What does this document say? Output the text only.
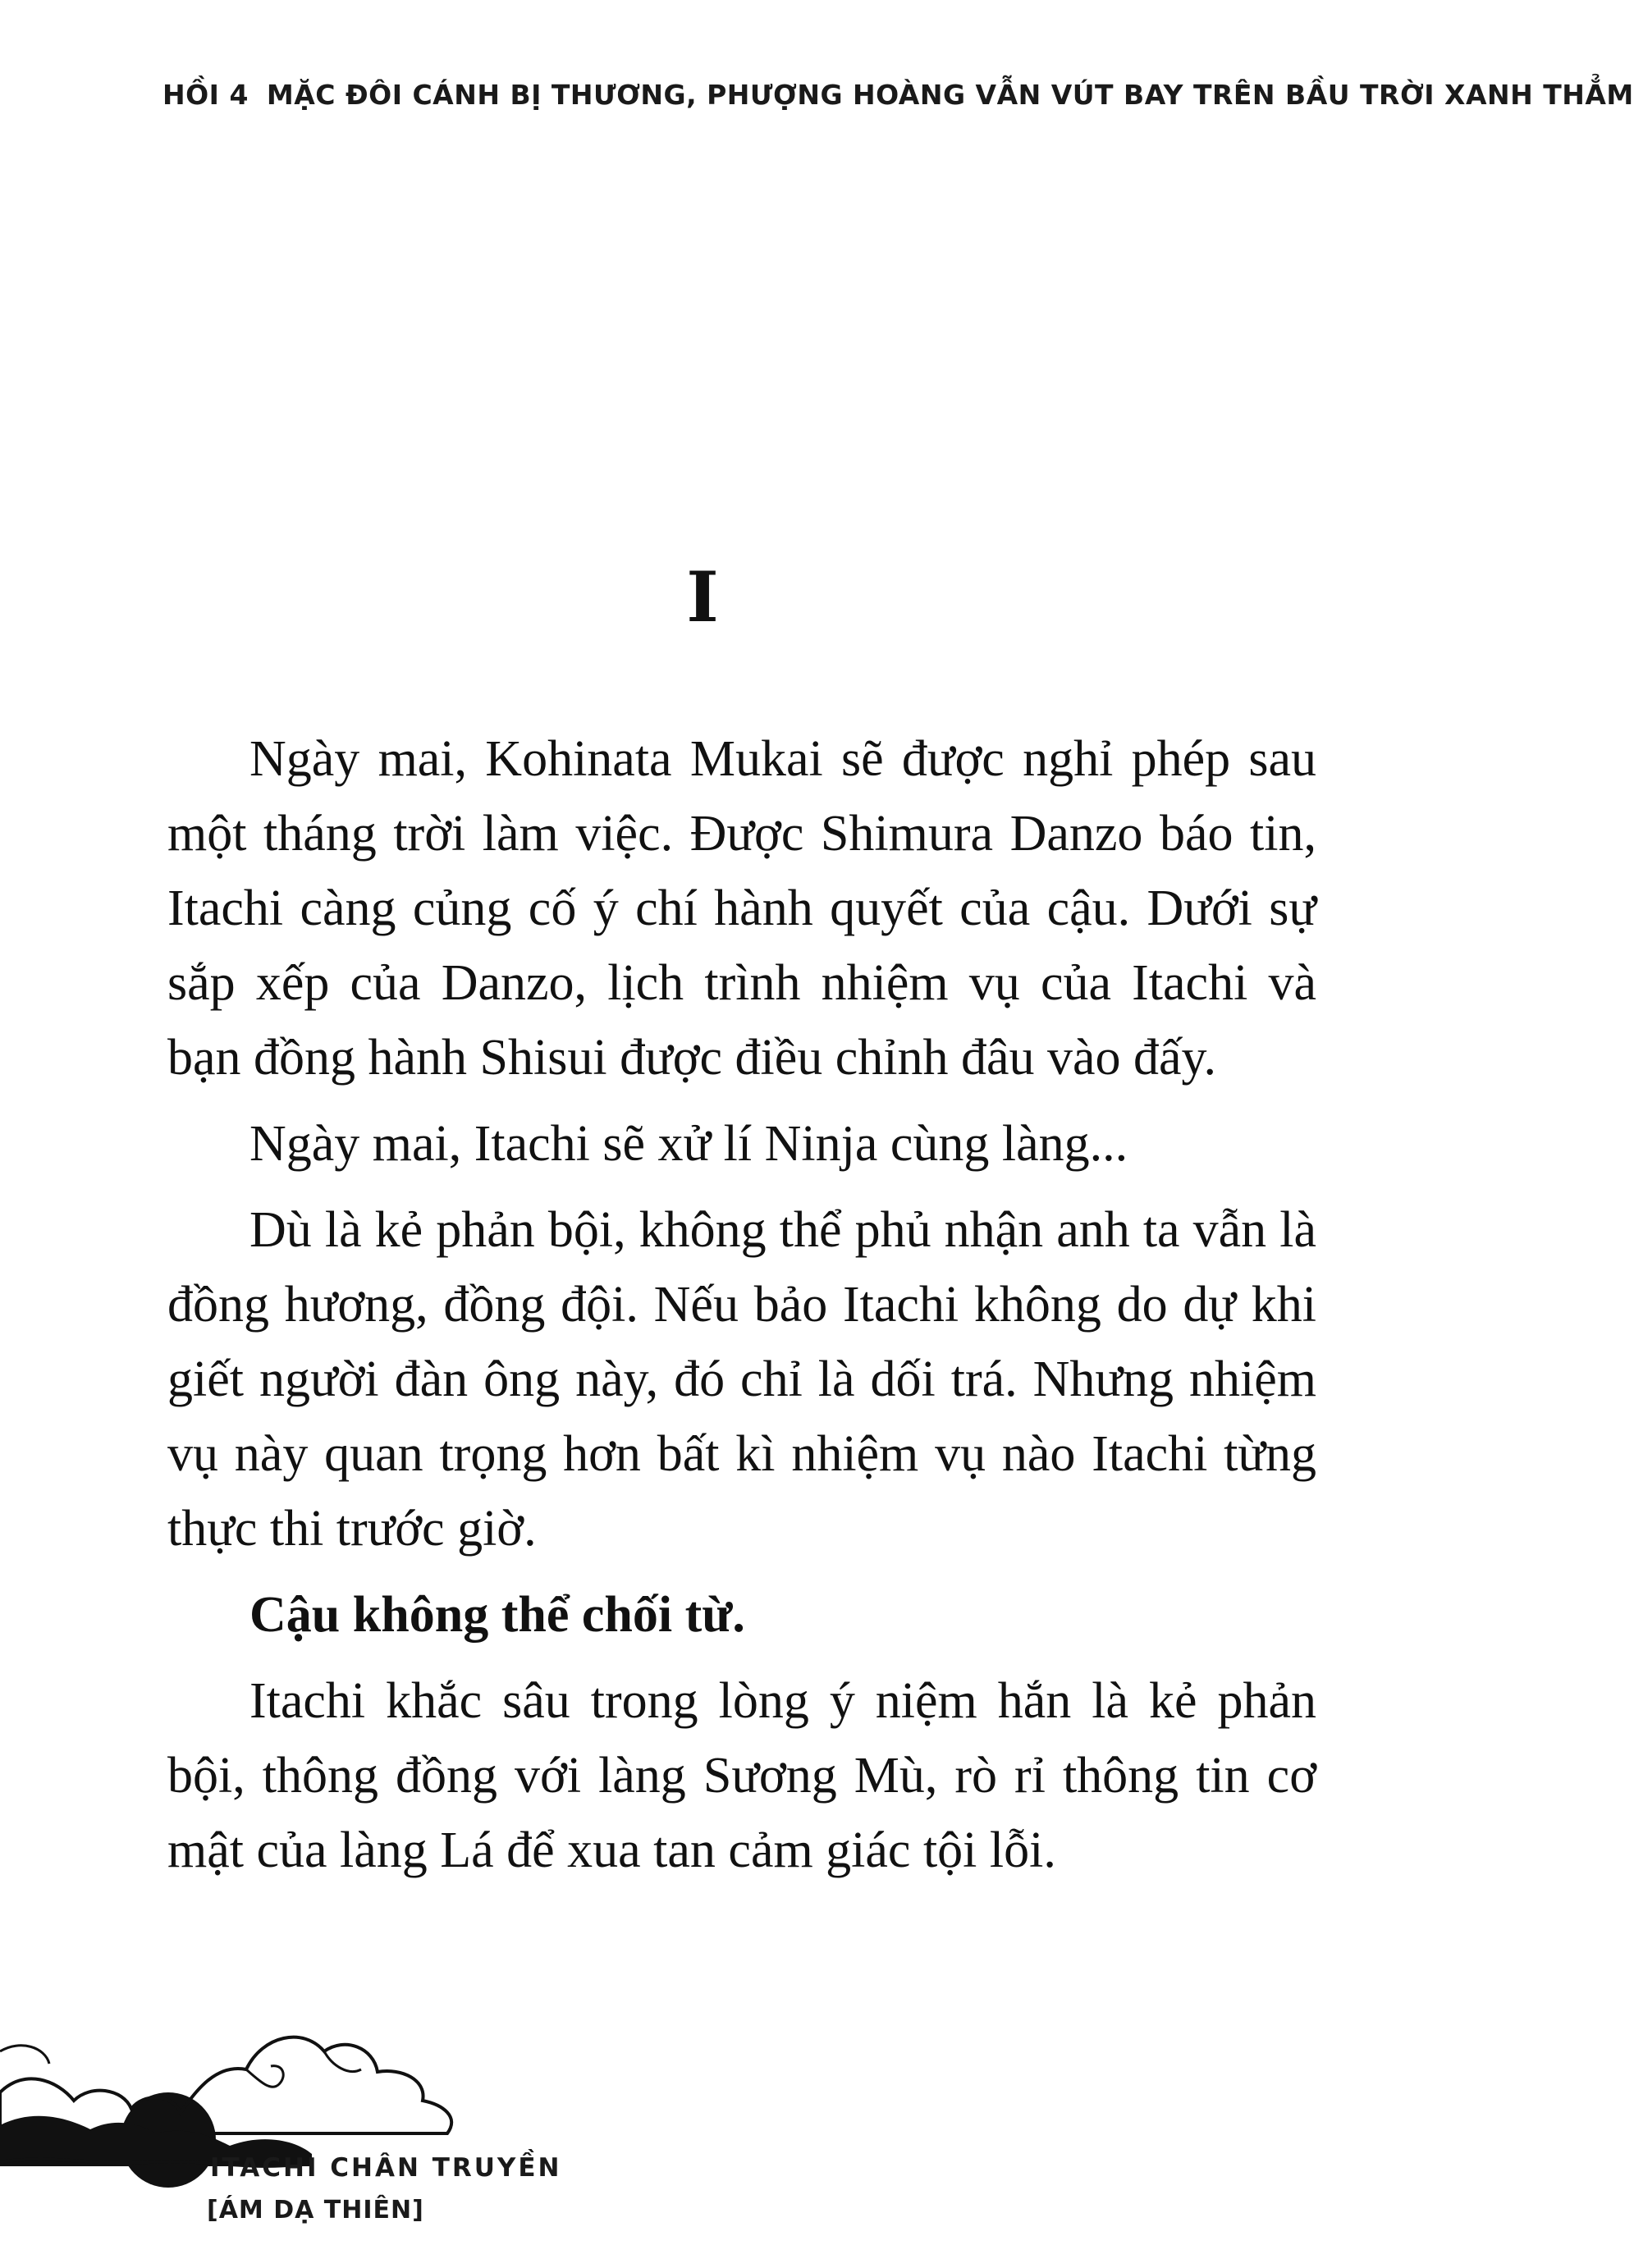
HỒI 4 MẶC ĐÔI CÁNH BỊ THƯƠNG, PHƯỢNG HOÀNG VẪN VÚT BAY TRÊN BẦU TRỜI XANH THẲM
I

Ngày mai, Kohinata Mukai sẽ được nghỉ phép sau một tháng trời làm việc. Được Shimura Danzo báo tin, Itachi càng củng cố ý chí hành quyết của cậu. Dưới sự sắp xếp của Danzo, lịch trình nhiệm vụ của Itachi và bạn đồng hành Shisui được điều chỉnh đâu vào đấy.

Ngày mai, Itachi sẽ xử lí Ninja cùng làng...

Dù là kẻ phản bội, không thể phủ nhận anh ta vẫn là đồng hương, đồng đội. Nếu bảo Itachi không do dự khi giết người đàn ông này, đó chỉ là dối trá. Nhưng nhiệm vụ này quan trọng hơn bất kì nhiệm vụ nào Itachi từng thực thi trước giờ.

Cậu không thể chối từ.

Itachi khắc sâu trong lòng ý niệm hắn là kẻ phản bội, thông đồng với làng Sương Mù, rò rỉ thông tin cơ mật của làng Lá để xua tan cảm giác tội lỗi.

ITACHI CHÂN TRUYỀN
[ÁM DẠ THIÊN]
